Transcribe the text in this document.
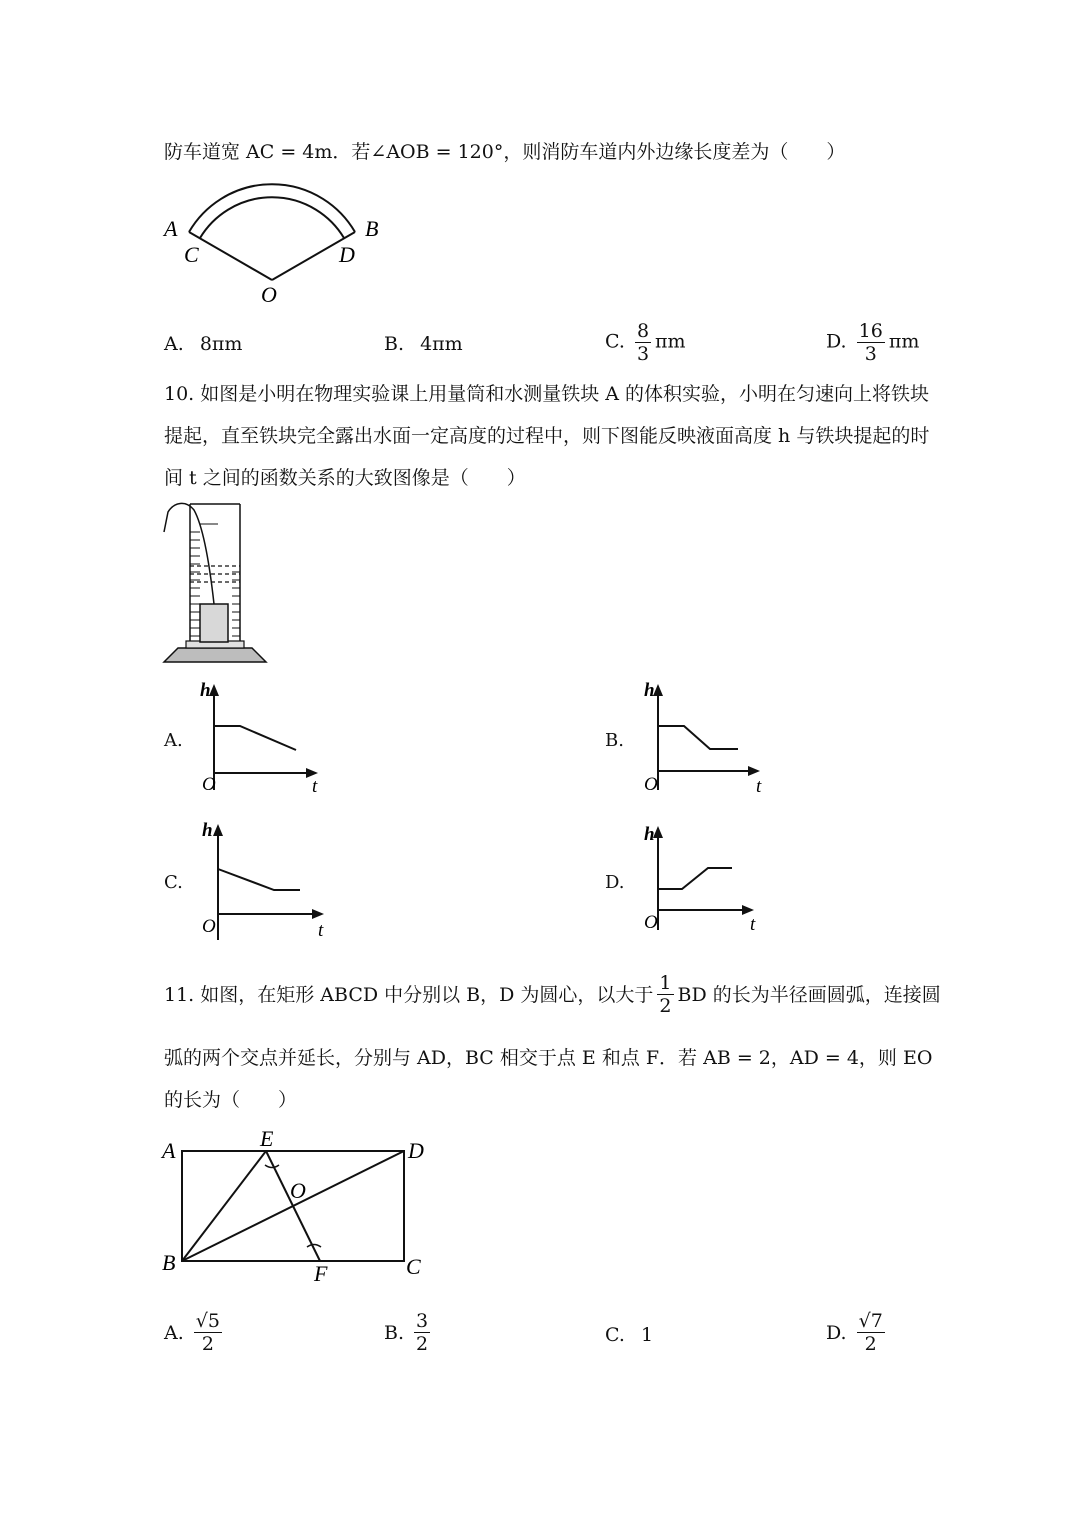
防车道宽 AC = 4m．若∠AOB = 120°，则消防车道内外边缘长度差为（　　）
A
C
B
D
O
A. 8πm	B. 4πm	C. $\frac{8}{3}$ πm	D. $\frac{16}{3}$ πm
10. 如图是小明在物理实验课上用量筒和水测量铁块 A 的体积实验，小明在匀速向上将铁块
提起，直至铁块完全露出水面一定高度的过程中，则下图能反映液面高度 h 与铁块提起的时
间 t 之间的函数关系的大致图像是（　　）
A.
h
O	t
B.
h
O	t
C.
h
O	t
D.
h
O	t
11. 如图，在矩形 ABCD 中分别以 B，D 为圆心，以大于 $\frac{1}{2}$ BD 的长为半径画圆弧，连接圆
弧的两个交点并延长，分别与 AD，BC 相交于点 E 和点 F．若 AB = 2，AD = 4，则 EO
的长为（　　）
A	E	D
O
B	F	C
A. $\frac{√5}{2}$	B. $\frac{3}{2}$	C. 1	D. $\frac{√7}{2}$
